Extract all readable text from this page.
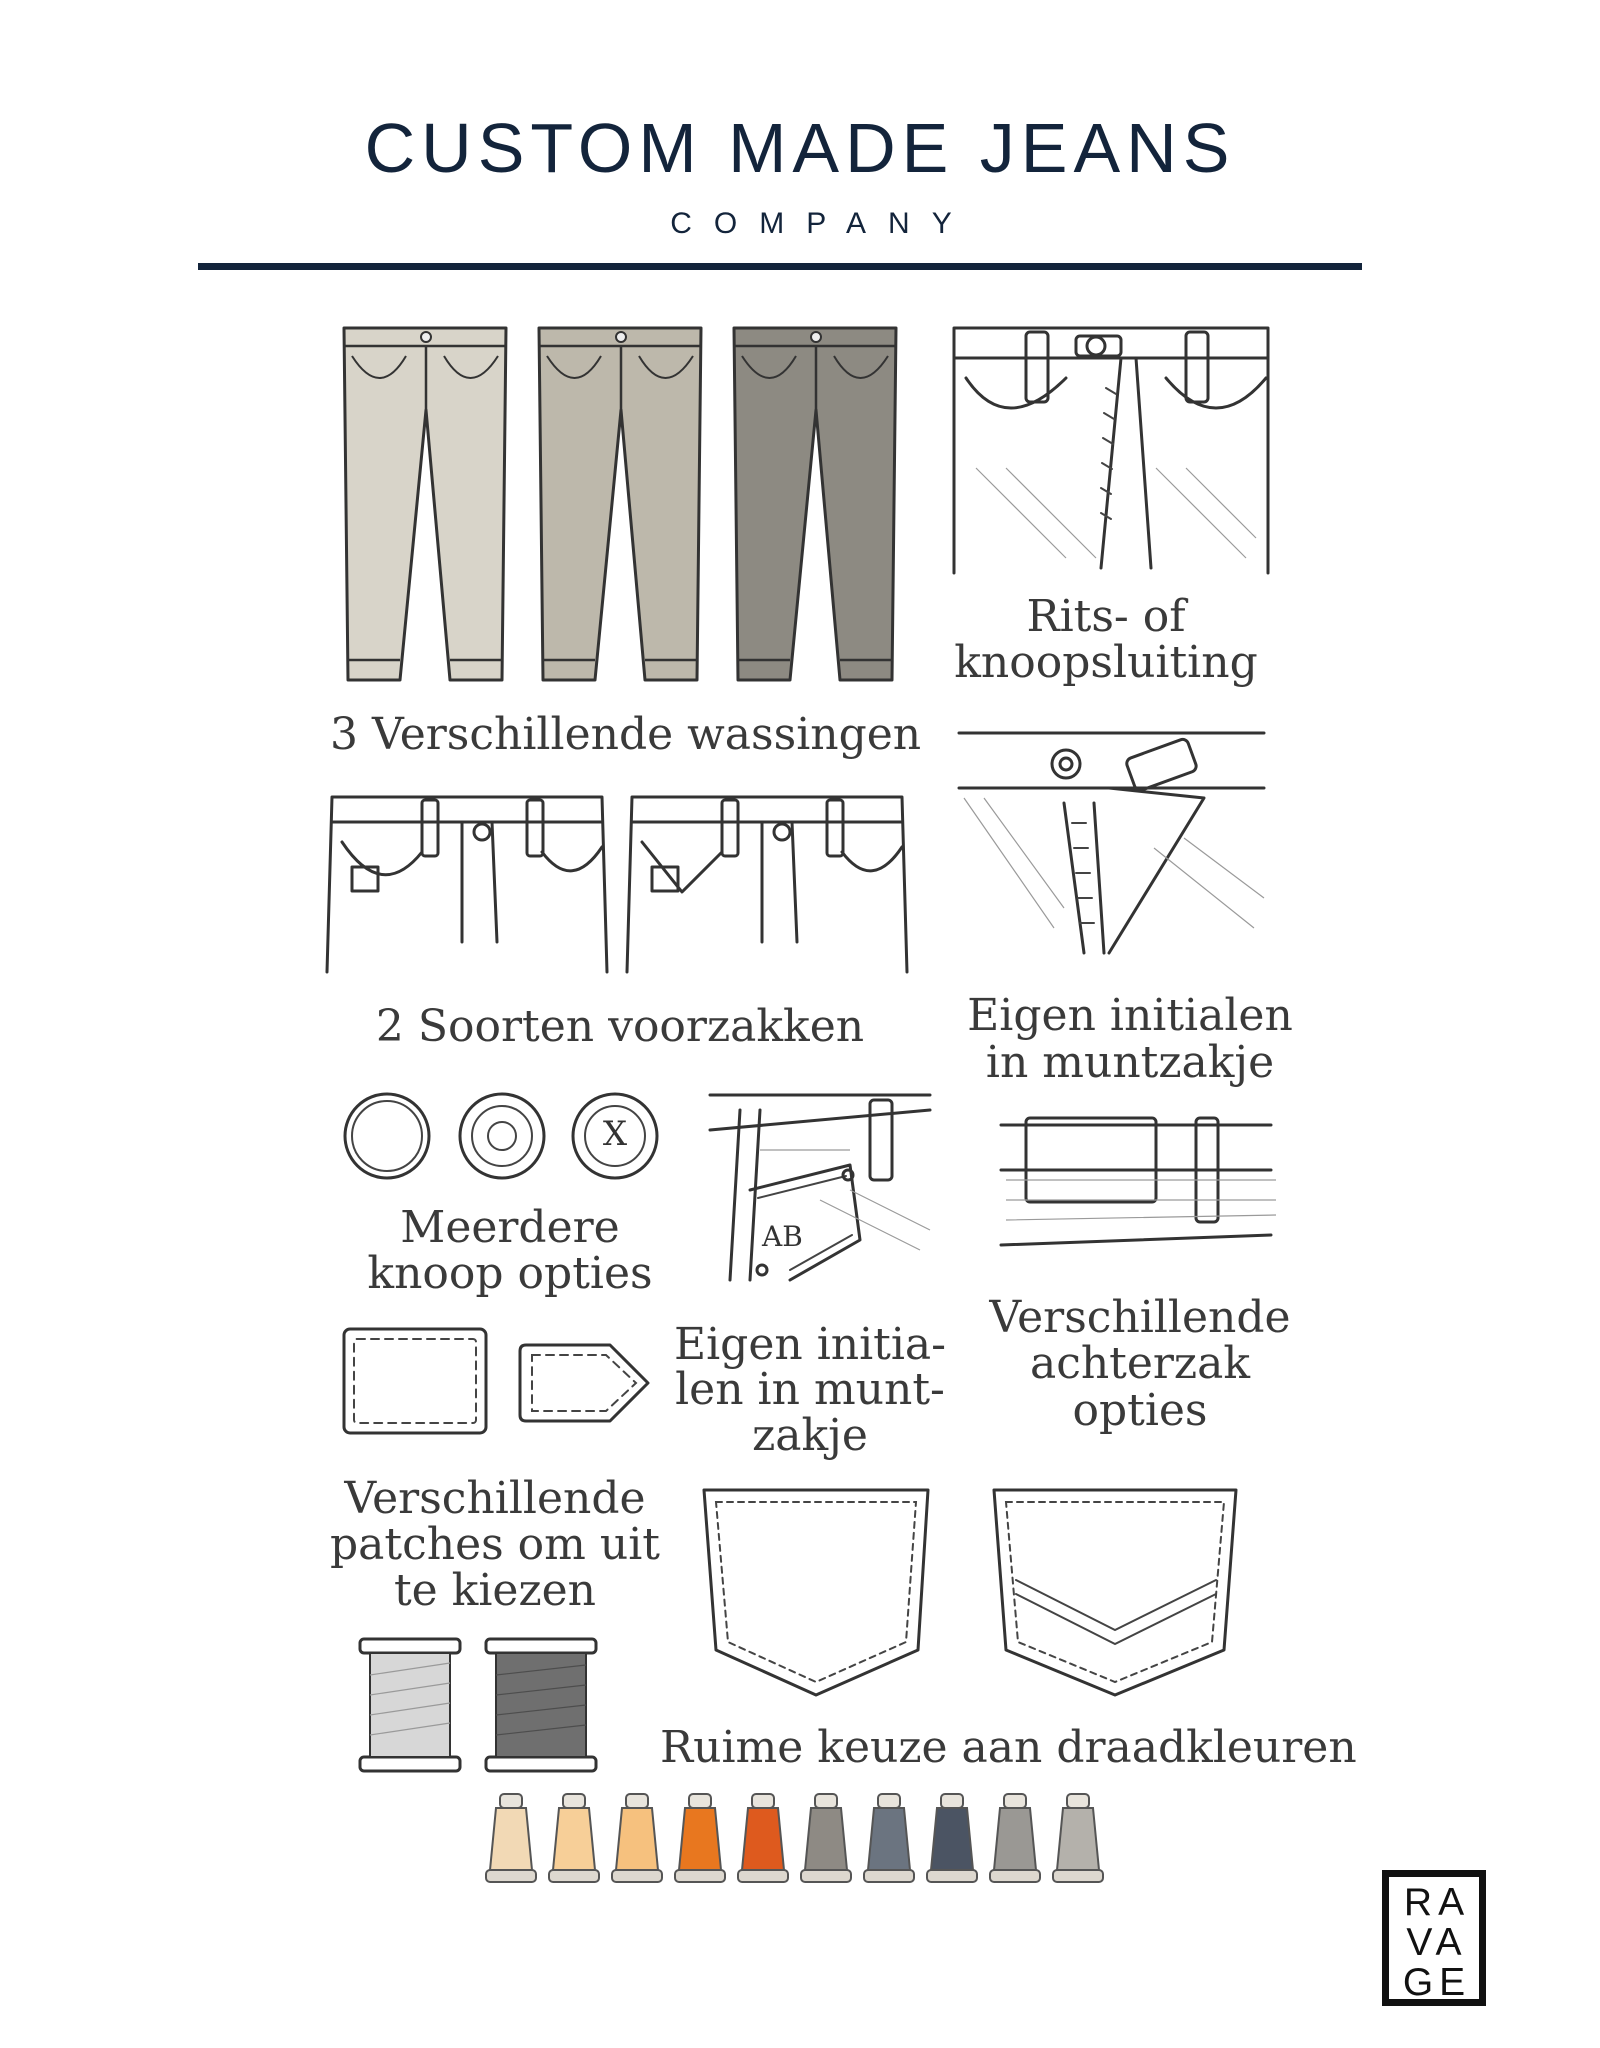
CUSTOM MADE JEANS
COMPANY
3 Verschillende wassingen
Rits- of
knoopsluiting
2 Soorten voorzakken	Eigen initialen
in muntzakje
X
Meerdere
knoop opties
AB
Eigen initia-
len in munt-
zakje
Verschillende
achterzak
opties
Verschillende
patches om uit
te kiezen
Ruime keuze aan draadkleuren
RA
VA
GE
